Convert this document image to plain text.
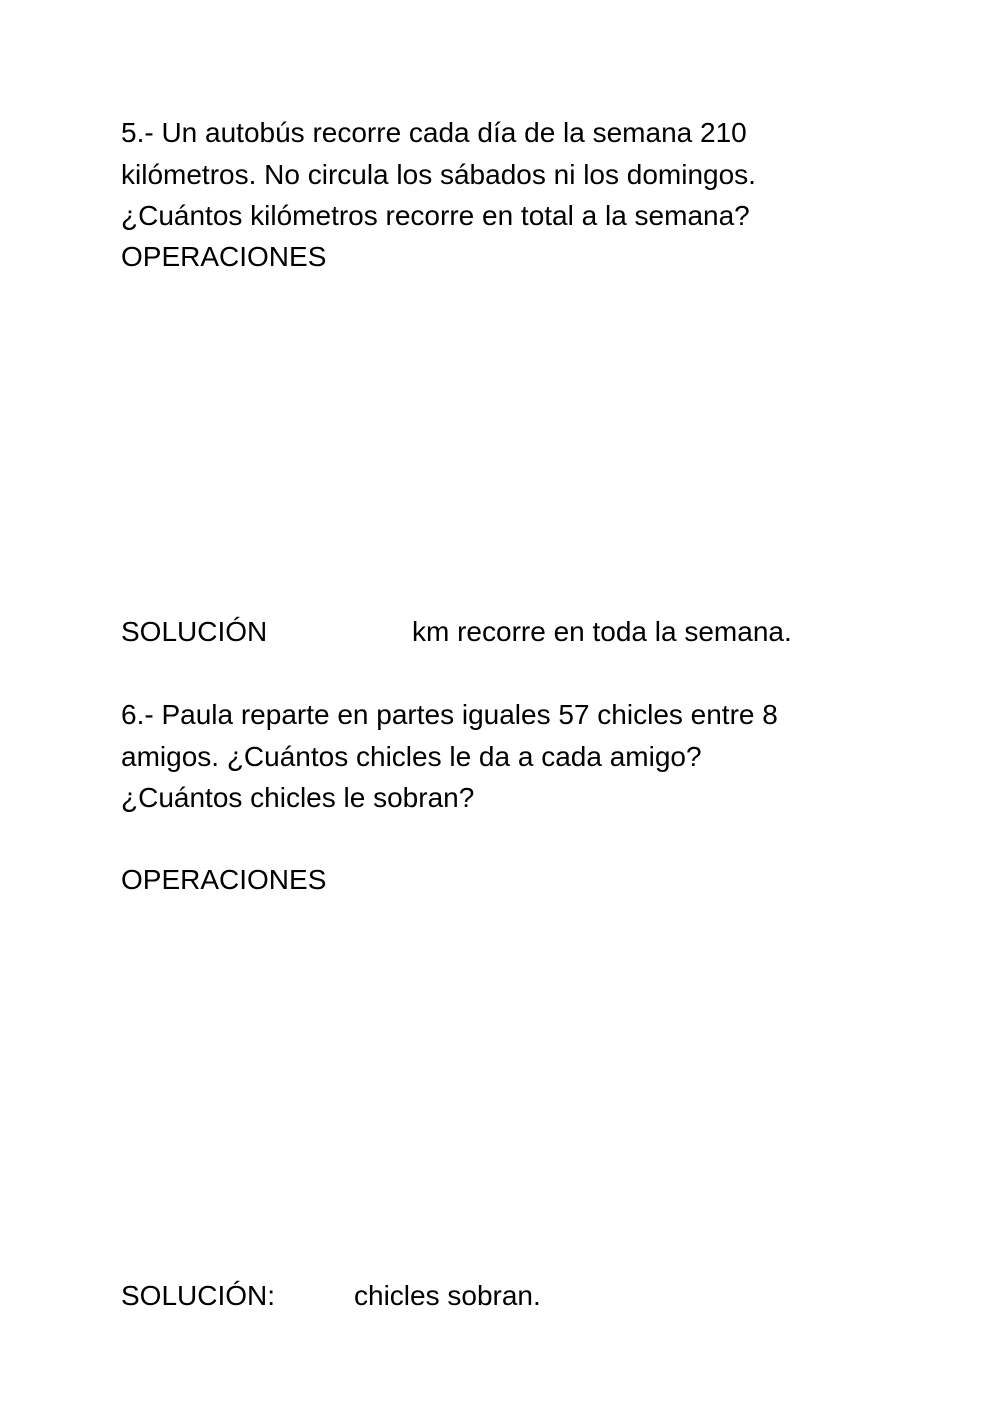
5.- Un autobús recorre cada día de la semana 210

kilómetros. No circula los sábados ni los domingos.

¿Cuántos kilómetros recorre en total a la semana?

OPERACIONES

SOLUCIÓN	km recorre en toda la semana.

6.- Paula reparte en partes iguales 57 chicles entre 8

amigos. ¿Cuántos chicles le da a cada amigo?

¿Cuántos chicles le sobran?

OPERACIONES

SOLUCIÓN:	chicles sobran.
